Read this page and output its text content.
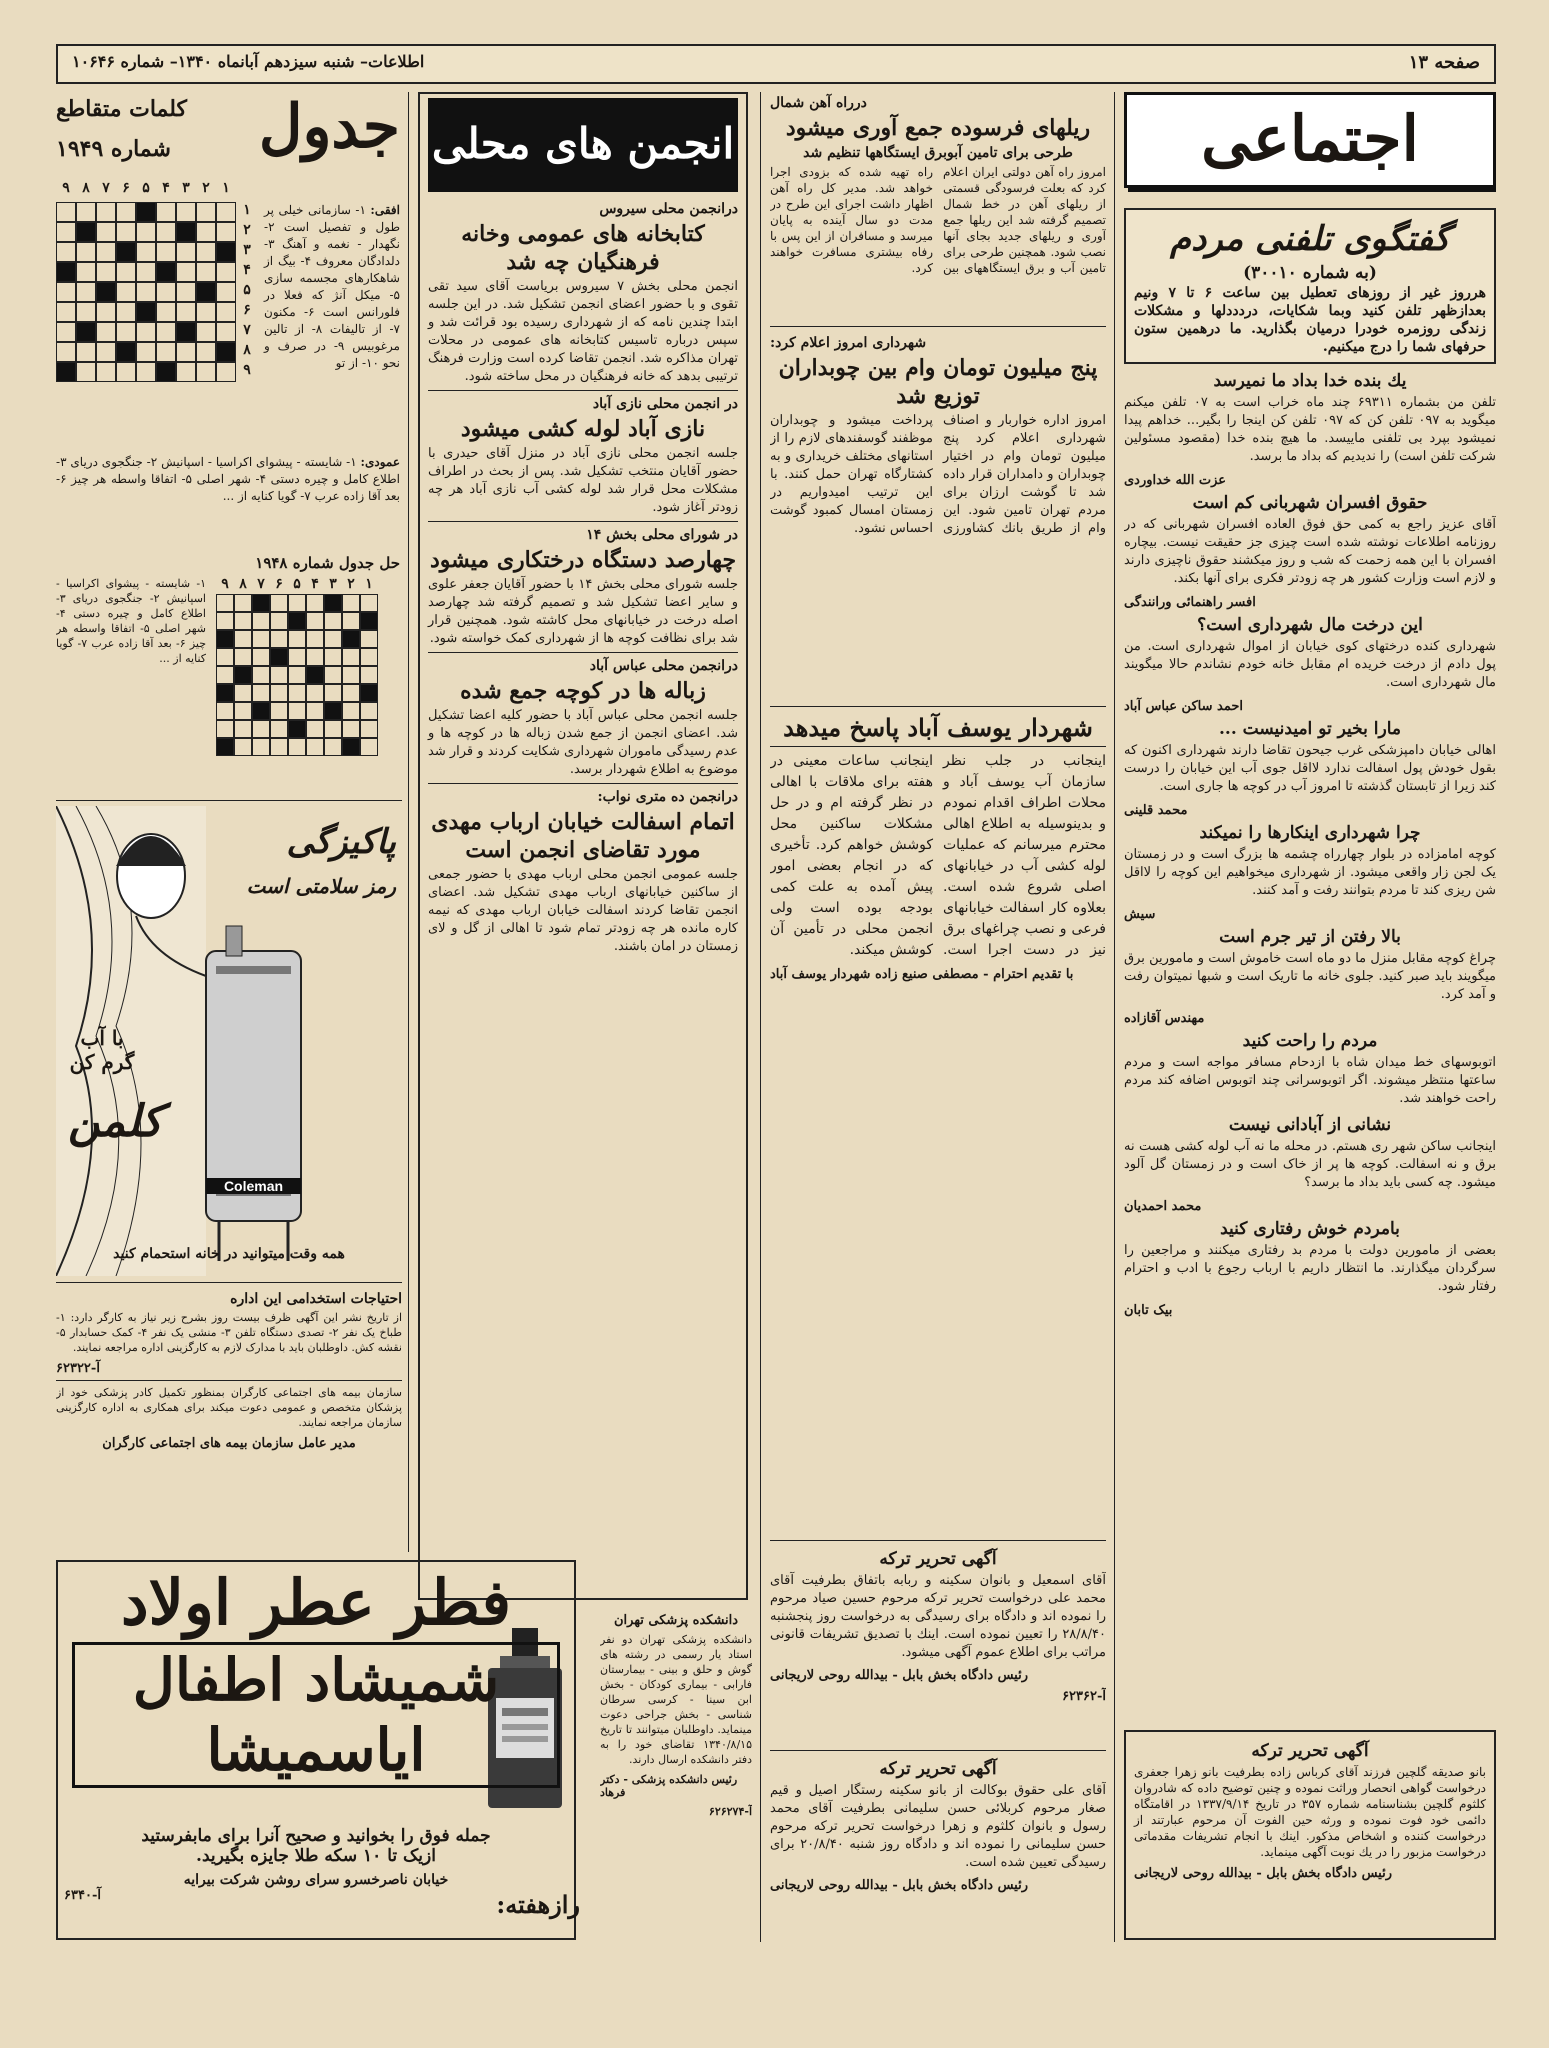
صفحه ۱۳
اطلاعات– شنبه سیزدهم آبانماه ۱۳۴۰– شماره ۱۰۶۴۶
اجتماعی
گفتگوی تلفنی مردم
(به شماره ۳۰۰۱۰)
هرروز غیر از روزهای تعطیل بین ساعت ۶ تا ۷ ونیم بعدازظهر تلفن کنید وبما شکایات، دردددلها و مشکلات زندگی روزمره خودرا درمیان بگذارید. ما درهمین ستون حرفهای شما را درج میکنیم.
یك بنده خدا بداد ما نمیرسد
تلفن من بشماره ۶۹۳۱۱ چند ماه خراب است به ۰۷ تلفن میکنم میگوید به ۰۹۷ تلفن کن که ۰۹۷ تلفن کن اینجا را بگیر... خداهم پیدا نمیشود بپرد بی تلفنی ماییسد. ما هیچ بنده خدا (مقصود مسئولین شرکت تلفن است) را ندیدیم که بداد ما برسد.
عزت الله خداوردی
حقوق افسران شهربانی کم است
آقای عزیز راجع به کمی حق فوق العاده افسران شهربانی که در روزنامه اطلاعات نوشته شده است چیزی جز حقیقت نیست. بیچاره افسران با این همه زحمت که شب و روز میکشند حقوق ناچیزی دارند و لازم است وزارت کشور هر چه زودتر فکری برای آنها بکند.
افسر راهنمائی ورانندگی
این درخت مال شهرداری است؟
شهرداری کنده درختهای کوی خیابان از اموال شهرداری است. من پول دادم از درخت خریده ام مقابل خانه خودم نشاندم حالا میگویند مال شهرداری است.
احمد ساکن عباس آباد
مارا بخیر تو امیدنیست ...
اهالی خیابان دامپزشکی غرب جیحون تقاضا دارند شهرداری اکنون که بقول خودش پول اسفالت ندارد لااقل جوی آب این خیابان را درست کند زیرا از تابستان گذشته تا امروز آب در کوچه ها جاری است.
محمد قلینی
چرا شهرداری اینکارها را نمیکند
کوچه امامزاده در بلوار چهارراه چشمه ها بزرگ است و در زمستان یک لجن زار واقعی میشود. از شهرداری میخواهیم این کوچه را لااقل شن ریزی کند تا مردم بتوانند رفت و آمد کنند.
سیش
بالا رفتن از تیر جرم است
چراغ کوچه مقابل منزل ما دو ماه است خاموش است و مامورین برق میگویند باید صبر کنید. جلوی خانه ما تاریک است و شبها نمیتوان رفت و آمد کرد.
مهندس آقازاده
مردم را راحت کنید
اتوبوسهای خط میدان شاه با ازدحام مسافر مواجه است و مردم ساعتها منتظر میشوند. اگر اتوبوسرانی چند اتوبوس اضافه کند مردم راحت خواهند شد.
نشانی از آبادانی نیست
اینجانب ساکن شهر ری هستم. در محله ما نه آب لوله کشی هست نه برق و نه اسفالت. کوچه ها پر از خاک است و در زمستان گل آلود میشود. چه کسی باید بداد ما برسد؟
محمد احمدیان
بامردم خوش رفتاری کنید
بعضی از مامورین دولت با مردم بد رفتاری میکنند و مراجعین را سرگردان میگذارند. ما انتظار داریم با ارباب رجوع با ادب و احترام رفتار شود.
بیک تابان
آگهی تحریر ترکه
بانو صدیقه گلچین فرزند آقای کرباس زاده بطرفیت بانو زهرا جعفری درخواست گواهی انحصار وراثت نموده و چنین توضیح داده که شادروان کلثوم گلچین بشناسنامه شماره ۳۵۷ در تاریخ ۱۳۳۷/۹/۱۴ در اقامتگاه دائمی خود فوت نموده و ورثه حین الفوت آن مرحوم عبارتند از درخواست کننده و اشخاص مذکور. اینك با انجام تشریفات مقدماتی درخواست مزبور را در یك نوبت آگهی مینماید.
رئیس دادگاه بخش بابل - بیدالله روحی لاریجانی
درراه آهن شمال
ریلهای فرسوده جمع آوری میشود
طرحی برای تامین آبوبرق ایستگاهها تنظیم شد
امروز راه آهن دولتی ایران اعلام کرد که بعلت فرسودگی قسمتی از ریلهای آهن در خط شمال تصمیم گرفته شد این ریلها جمع آوری و ریلهای جدید بجای آنها نصب شود. همچنین طرحی برای تامین آب و برق ایستگاههای بین راه تهیه شده که بزودی اجرا خواهد شد. مدیر کل راه آهن اظهار داشت اجرای این طرح در مدت دو سال آینده به پایان میرسد و مسافران از این پس با رفاه بیشتری مسافرت خواهند کرد.
شهرداری امروز اعلام کرد:
پنج میلیون تومان وام بین چوبداران توزیع شد
امروز اداره خواربار و اصناف شهرداری اعلام کرد پنج میلیون تومان وام در اختیار چوبداران و دامداران قرار داده شد تا گوشت ارزان برای مردم تهران تامین شود. این وام از طریق بانك کشاورزی پرداخت میشود و چوبداران موظفند گوسفندهای لازم را از استانهای مختلف خریداری و به کشتارگاه تهران حمل کنند. با این ترتیب امیدواریم در زمستان امسال کمبود گوشت احساس نشود.
شهردار یوسف آباد پاسخ میدهد
اینجانب در جلب نظر سازمان آب یوسف آباد و محلات اطراف اقدام نمودم و بدینوسیله به اطلاع اهالی محترم میرسانم که عملیات لوله کشی آب در خیابانهای اصلی شروع شده است. بعلاوه کار اسفالت خیابانهای فرعی و نصب چراغهای برق نیز در دست اجرا است. اینجانب ساعات معینی در هفته برای ملاقات با اهالی در نظر گرفته ام و در حل مشکلات ساکنین محل کوشش خواهم کرد. تأخیری که در انجام بعضی امور پیش آمده به علت کمی بودجه بوده است ولی انجمن محلی در تأمین آن کوشش میکند.
با تقدیم احترام - مصطفی صنیع زاده شهردار یوسف آباد
آگهی تحریر ترکه
آقای اسمعیل و بانوان سکینه و ربابه باتفاق بطرفیت آقای محمد علی درخواست تحریر ترکه مرحوم حسین صیاد مرحوم را نموده اند و دادگاه برای رسیدگی به درخواست روز پنجشنبه ۲۸/۸/۴۰ را تعیین نموده است. اینك با تصدیق تشریفات قانونی مراتب برای اطلاع عموم آگهی میشود.
رئیس دادگاه بخش بابل - بیدالله روحی لاریجانی
آ-۶۲۳۶۲
آگهی تحریر ترکه
آقای علی حقوق بوکالت از بانو سکینه رستگار اصیل و قیم صغار مرحوم کربلائی حسن سلیمانی بطرفیت آقای محمد رسول و بانوان کلثوم و زهرا درخواست تحریر ترکه مرحوم حسن سلیمانی را نموده اند و دادگاه روز شنبه ۲۰/۸/۴۰ برای رسیدگی تعیین شده است.
رئیس دادگاه بخش بابل - بیدالله روحی لاریجانی
انجمن های محلی
درانجمن محلی سیروس
کتابخانه های عمومی وخانه فرهنگیان چه شد
انجمن محلی بخش ۷ سیروس بریاست آقای سید تقی تقوی و با حضور اعضای انجمن تشکیل شد. در این جلسه ابتدا چندین نامه که از شهرداری رسیده بود قرائت شد و سپس درباره تاسیس کتابخانه های عمومی در محلات تهران مذاکره شد. انجمن تقاضا کرده است وزارت فرهنگ ترتیبی بدهد که خانه فرهنگیان در محل ساخته شود.
در انجمن محلی نازی آباد
نازی آباد لوله کشی میشود
جلسه انجمن محلی نازی آباد در منزل آقای حیدری با حضور آقایان منتخب تشکیل شد. پس از بحث در اطراف مشکلات محل قرار شد لوله کشی آب نازی آباد هر چه زودتر آغاز شود.
در شورای محلی بخش ۱۴
چهارصد دستگاه درختکاری میشود
جلسه شورای محلی بخش ۱۴ با حضور آقایان جعفر علوی و سایر اعضا تشکیل شد و تصمیم گرفته شد چهارصد اصله درخت در خیابانهای محل کاشته شود. همچنین قرار شد برای نظافت کوچه ها از شهرداری کمک خواسته شود.
درانجمن محلی عباس آباد
زباله ها در کوچه جمع شده
جلسه انجمن محلی عباس آباد با حضور کلیه اعضا تشکیل شد. اعضای انجمن از جمع شدن زباله ها در کوچه ها و عدم رسیدگی ماموران شهرداری شکایت کردند و قرار شد موضوع به اطلاع شهردار برسد.
درانجمن ده متری نواب:
اتمام اسفالت خیابان ارباب مهدی مورد تقاضای انجمن است
جلسه عمومی انجمن محلی ارباب مهدی با حضور جمعی از ساکنین خیابانهای ارباب مهدی تشکیل شد. اعضای انجمن تقاضا کردند اسفالت خیابان ارباب مهدی که نیمه کاره مانده هر چه زودتر تمام شود تا اهالی از گل و لای زمستان در امان باشند.
دانشکده پزشکی تهران
دانشکده پزشکی تهران دو نفر استاد یار رسمی در رشته های گوش و حلق و بینی - بیمارستان فارابی - بیماری کودکان - بخش ابن سینا - کرسی سرطان شناسی - بخش جراحی دعوت مینماید. داوطلبان میتوانند تا تاریخ ۱۳۴۰/۸/۱۵ تقاضای خود را به دفتر دانشکده ارسال دارند.
رئیس دانشکده پزشکی - دکتر فرهاد
آ-۶۲۶۲۷۴
فطر عطر اولاد
شمیشاد اطفال ایاسمیشا
جمله فوق را بخوانید و صحیح آنرا برای مابفرستید
ازیک تا ۱۰ سکه طلا جایزه بگیرید.
خیابان ناصرخسرو سرای روشن شرکت بیرایه
آ-۶۳۴۰	رازهفته:
جدول
کلمات متقاطع
شماره ۱۹۴۹
۹ ۸ ۷ ۶ ۵ ۴ ۳ ۲ ۱
۱
۲
۳
۴
۵
۶
۷
۸
۹
افقی: ۱- سازمانی خیلی پر طول و تفصیل است ۲- نگهدار - نغمه و آهنگ ۳- دلدادگان معروف ۴- بیگ از شاهکارهای مجسمه سازی ۵- میکل آنژ که فعلا در فلورانس است ۶- مکنون ۷- از تالیفات ۸- از تالین مرغوبیس ۹- در صرف و نحو ۱۰- از تو
عمودی: ۱- شایسته - پیشوای اکراسیا - اسپانیش ۲- جنگجوی دریای ۳- اطلاع کامل و چیره دستی ۴- شهر اصلی ۵- اتفاقا واسطه هر چیز ۶- بعد آقا زاده عرب ۷- گویا کنایه از ...
حل جدول شماره ۱۹۴۸
۹ ۸ ۷ ۶ ۵ ۴ ۳ ۲ ۱
۱- شایسته - پیشوای اکراسیا - اسپانیش ۲- جنگجوی دریای ۳- اطلاع کامل و چیره دستی ۴- شهر اصلی ۵- اتفاقا واسطه هر چیز ۶- بعد آقا زاده عرب ۷- گویا کنایه از ...
پاکیزگی
رمز سلامتی است
با آب گرم کن
کلمن
Coleman
همه وقت میتوانید در خانه استحمام کنید
احتیاجات استخدامی این اداره
از تاریخ نشر این آگهی ظرف بیست روز بشرح زیر نیاز به کارگر دارد: ۱- طباخ یک نفر ۲- تصدی دستگاه تلفن ۳- منشی یک نفر ۴- کمک حسابدار ۵- نقشه کش. داوطلبان باید با مدارک لازم به کارگزینی اداره مراجعه نمایند.
آ-۶۲۳۲۲
سازمان بیمه های اجتماعی کارگران بمنظور تکمیل کادر پزشکی خود از پزشکان متخصص و عمومی دعوت میکند برای همکاری به اداره کارگزینی سازمان مراجعه نمایند.
مدیر عامل سازمان بیمه های اجتماعی کارگران
